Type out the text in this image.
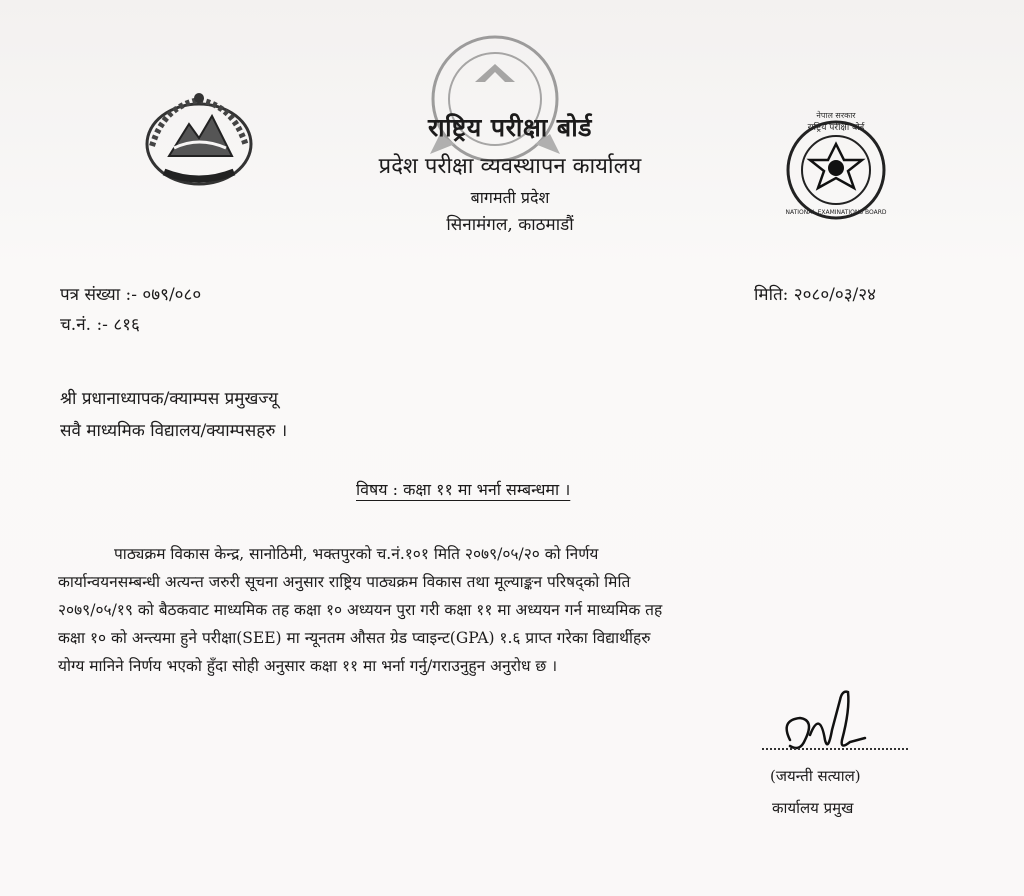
नेपाल सरकार
राष्ट्रिय परीक्षा बोर्ड
NATIONAL EXAMINATIONS BOARD
राष्ट्रिय परीक्षा बोर्ड
प्रदेश परीक्षा व्यवस्थापन कार्यालय
बागमती प्रदेश
सिनामंगल, काठमाडौं
पत्र संख्या :- ०७९/०८०
च.नं. :- ८१६
मिति: २०८०/०३/२४
श्री प्रधानाध्यापक/क्याम्पस प्रमुखज्यू
सवै माध्यमिक विद्यालय/क्याम्पसहरु ।
विषय : कक्षा ११ मा भर्ना सम्बन्धमा ।
पाठ्यक्रम विकास केन्द्र, सानोठिमी, भक्तपुरको च.नं.१०१ मिति २०७९/०५/२० को निर्णय
कार्यान्वयनसम्बन्धी अत्यन्त जरुरी सूचना अनुसार राष्ट्रिय पाठ्यक्रम विकास तथा मूल्याङ्कन परिषद्को मिति
२०७९/०५/१९ को बैठकवाट माध्यमिक तह कक्षा १० अध्ययन पुरा गरी कक्षा ११ मा अध्ययन गर्न माध्यमिक तह
कक्षा १० को अन्त्यमा हुने परीक्षा(SEE) मा न्यूनतम औसत ग्रेड प्वाइन्ट(GPA) १.६ प्राप्त गरेका विद्यार्थीहरु
योग्य मानिने निर्णय भएको हुँदा सोही अनुसार कक्षा ११ मा भर्ना गर्नु/गराउनुहुन अनुरोध छ ।
(जयन्ती सत्याल)
कार्यालय प्रमुख
